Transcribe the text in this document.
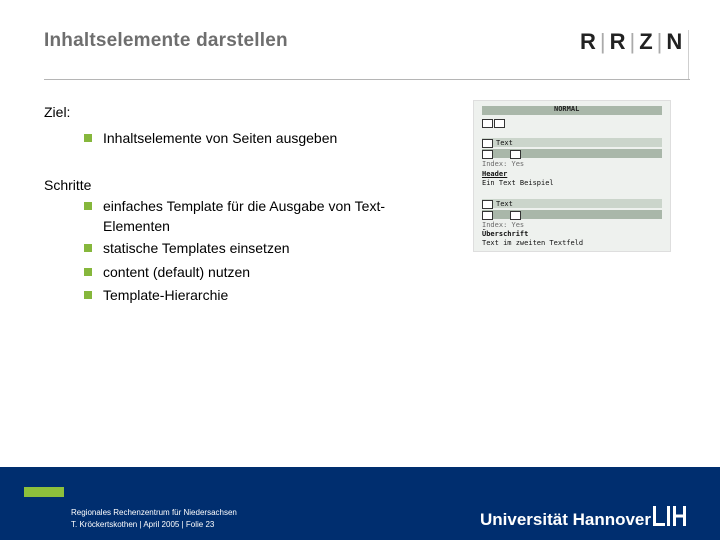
Inhaltselemente darstellen	R | R | Z | N
Ziel:
Inhaltselemente von Seiten ausgeben
Schritte
einfaches Template für die Ausgabe von Text-
Elementen
statische Templates einsetzen
content (default) nutzen
Template-Hierarchie
NORMAL
Text
Index: Yes
Header
Ein Text Beispiel
Text
Index: Yes
Überschrift
Text im zweiten Textfeld
Regionales Rechenzentrum für Niedersachsen
T. Kröckertskothen | April 2005 | Folie 23	Universität Hannover
